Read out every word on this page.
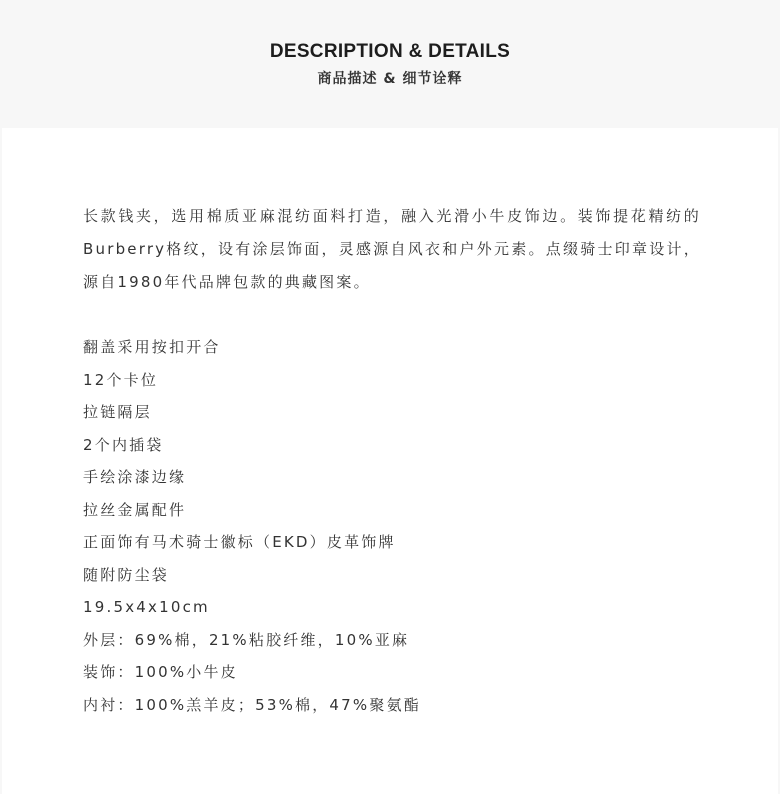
DESCRIPTION & DETAILS
商品描述 & 细节诠释

长款钱夹，选用棉质亚麻混纺面料打造，融入光滑小牛皮饰边。装饰提花精纺的Burberry格纹，设有涂层饰面，灵感源自风衣和户外元素。点缀骑士印章设计，源自1980年代品牌包款的典藏图案。

翻盖采用按扣开合
12个卡位
拉链隔层
2个内插袋
手绘涂漆边缘
拉丝金属配件
正面饰有马术骑士徽标（EKD）皮革饰牌
随附防尘袋
19.5x4x10cm
外层：69%棉，21%粘胶纤维，10%亚麻
装饰：100%小牛皮
内衬：100%羔羊皮；53%棉，47%聚氨酯
